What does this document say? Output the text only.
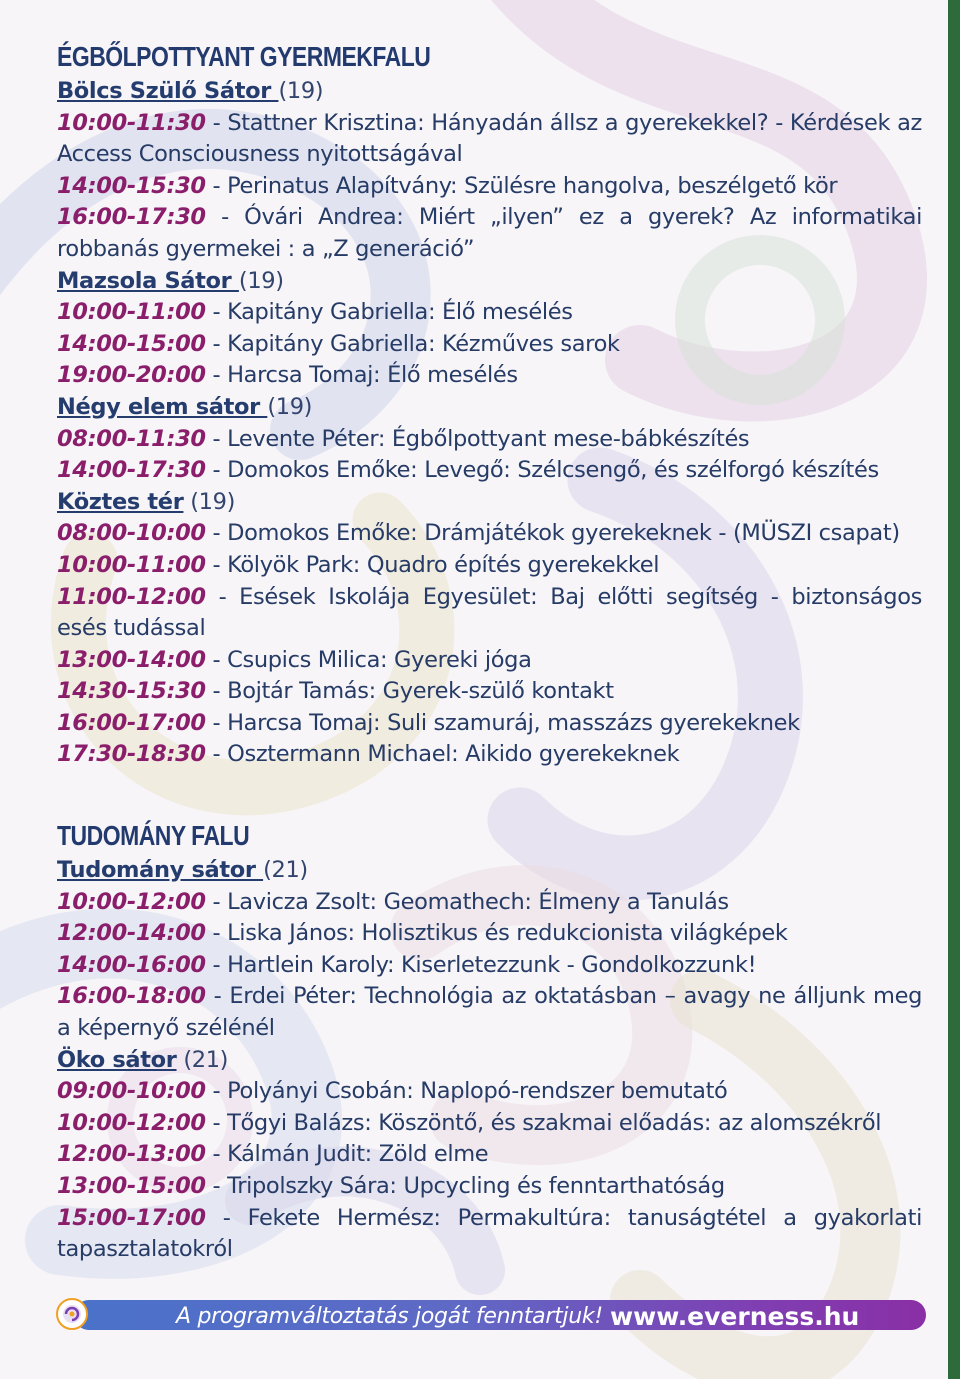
ÉGBŐLPOTTYANT GYERMEKFALU
Bölcs Szülő Sátor (19)
10:00-11:30 - Stattner Krisztina: Hányadán állsz a gyerekekkel? - Kérdések az Access Consciousness nyitottságával
14:00-15:30 - Perinatus Alapítvány: Szülésre hangolva, beszélgető kör
16:00-17:30 - Óvári Andrea: Miért „ilyen” ez a gyerek? Az informatikai robbanás gyermekei : a „Z generáció”
Mazsola Sátor (19)
10:00-11:00 - Kapitány Gabriella: Élő mesélés
14:00-15:00 - Kapitány Gabriella: Kézműves sarok
19:00-20:00 - Harcsa Tomaj: Élő mesélés
Négy elem sátor (19)
08:00-11:30 - Levente Péter: Égbőlpottyant mese-bábkészítés
14:00-17:30 - Domokos Emőke: Levegő: Szélcsengő, és szélforgó készítés
Köztes tér (19)
08:00-10:00 - Domokos Emőke: Drámjátékok gyerekeknek - (MÜSZI csapat)
10:00-11:00 - Kölyök Park: Quadro építés gyerekekkel
11:00-12:00 - Esések Iskolája Egyesület: Baj előtti segítség - biztonságos esés tudással
13:00-14:00 - Csupics Milica: Gyereki jóga
14:30-15:30 - Bojtár Tamás: Gyerek-szülő kontakt
16:00-17:00 - Harcsa Tomaj: Suli szamuráj, masszázs gyerekeknek
17:30-18:30 - Osztermann Michael: Aikido gyerekeknek
TUDOMÁNY FALU
Tudomány sátor (21)
10:00-12:00 - Lavicza Zsolt: Geomathech: Élmeny a Tanulás
12:00-14:00 - Liska János: Holisztikus és redukcionista világképek
14:00-16:00 - Hartlein Karoly: Kiserletezzunk - Gondolkozzunk!
16:00-18:00 - Erdei Péter: Technológia az oktatásban – avagy ne álljunk meg a képernyő szélénél
Öko sátor (21)
09:00-10:00 - Polyányi Csobán: Naplopó-rendszer bemutató
10:00-12:00 - Tőgyi Balázs: Köszöntő, és szakmai előadás: az alomszékről
12:00-13:00 - Kálmán Judit: Zöld elme
13:00-15:00 - Tripolszky Sára: Upcycling és fenntarthatóság
15:00-17:00 - Fekete Hermész: Permakultúra: tanuságtétel a gyakorlati tapasztalatokról
A programváltoztatás jogát fenntartjuk! www.everness.hu
